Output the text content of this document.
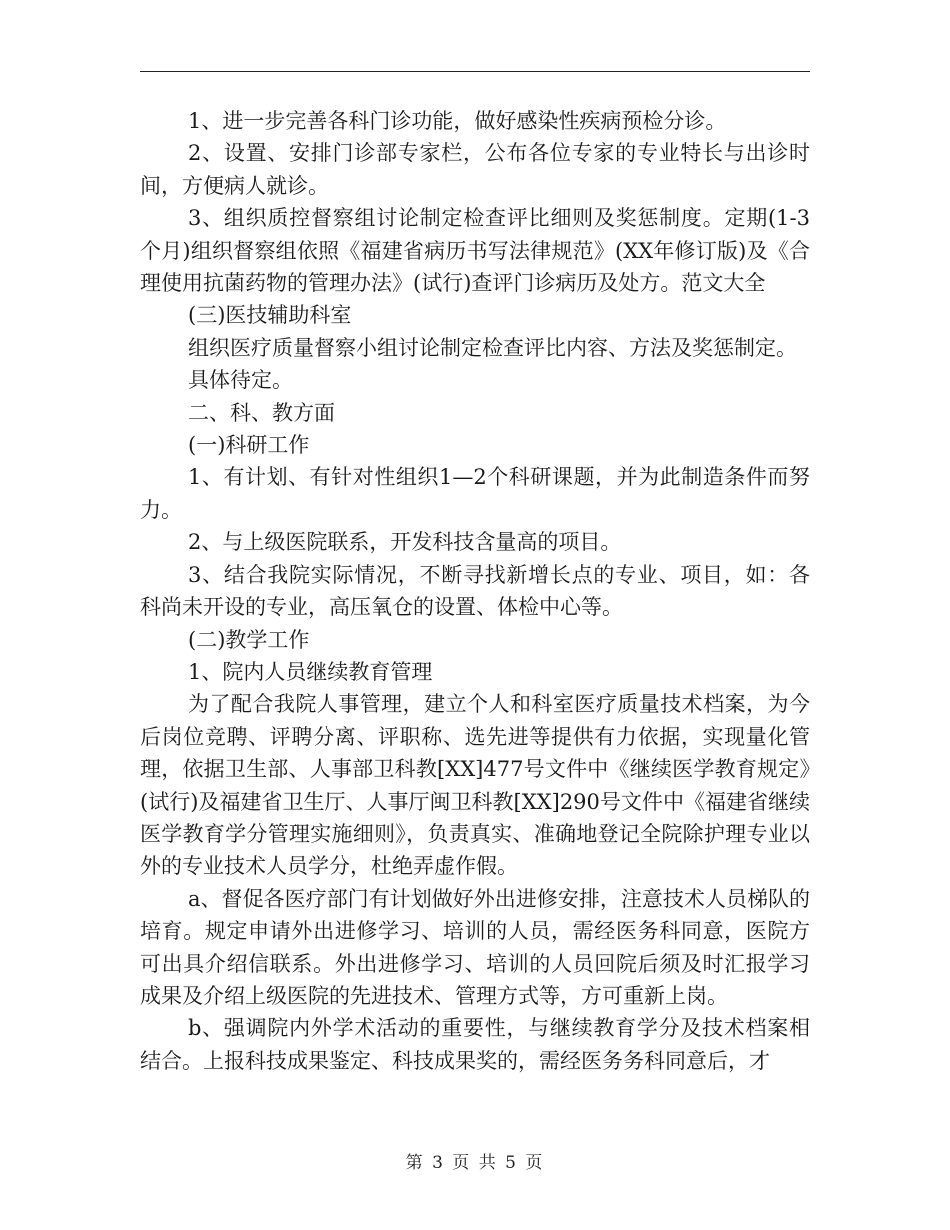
1、进一步完善各科门诊功能，做好感染性疾病预检分诊。

2、设置、安排门诊部专家栏，公布各位专家的专业特长与出诊时间，方便病人就诊。

3、组织质控督察组讨论制定检查评比细则及奖惩制度。定期(1-3个月)组织督察组依照《福建省病历书写法律规范》(XX年修订版)及《合理使用抗菌药物的管理办法》(试行)查评门诊病历及处方。范文大全

(三)医技辅助科室

组织医疗质量督察小组讨论制定检查评比内容、方法及奖惩制定。

具体待定。

二、科、教方面

(一)科研工作

1、有计划、有针对性组织1—2个科研课题，并为此制造条件而努力。

2、与上级医院联系，开发科技含量高的项目。

3、结合我院实际情况，不断寻找新增长点的专业、项目，如：各科尚未开设的专业，高压氧仓的设置、体检中心等。

(二)教学工作

1、院内人员继续教育管理

为了配合我院人事管理，建立个人和科室医疗质量技术档案，为今后岗位竞聘、评聘分离、评职称、选先进等提供有力依据，实现量化管理，依据卫生部、人事部卫科教[XX]477号文件中《继续医学教育规定》(试行)及福建省卫生厅、人事厅闽卫科教[XX]290号文件中《福建省继续医学教育学分管理实施细则》，负责真实、准确地登记全院除护理专业以外的专业技术人员学分，杜绝弄虚作假。

a、督促各医疗部门有计划做好外出进修安排，注意技术人员梯队的培育。规定申请外出进修学习、培训的人员，需经医务科同意，医院方可出具介绍信联系。外出进修学习、培训的人员回院后须及时汇报学习成果及介绍上级医院的先进技术、管理方式等，方可重新上岗。

b、强调院内外学术活动的重要性，与继续教育学分及技术档案相结合。上报科技成果鉴定、科技成果奖的，需经医务务科同意后，才

第 3 页 共 5 页
